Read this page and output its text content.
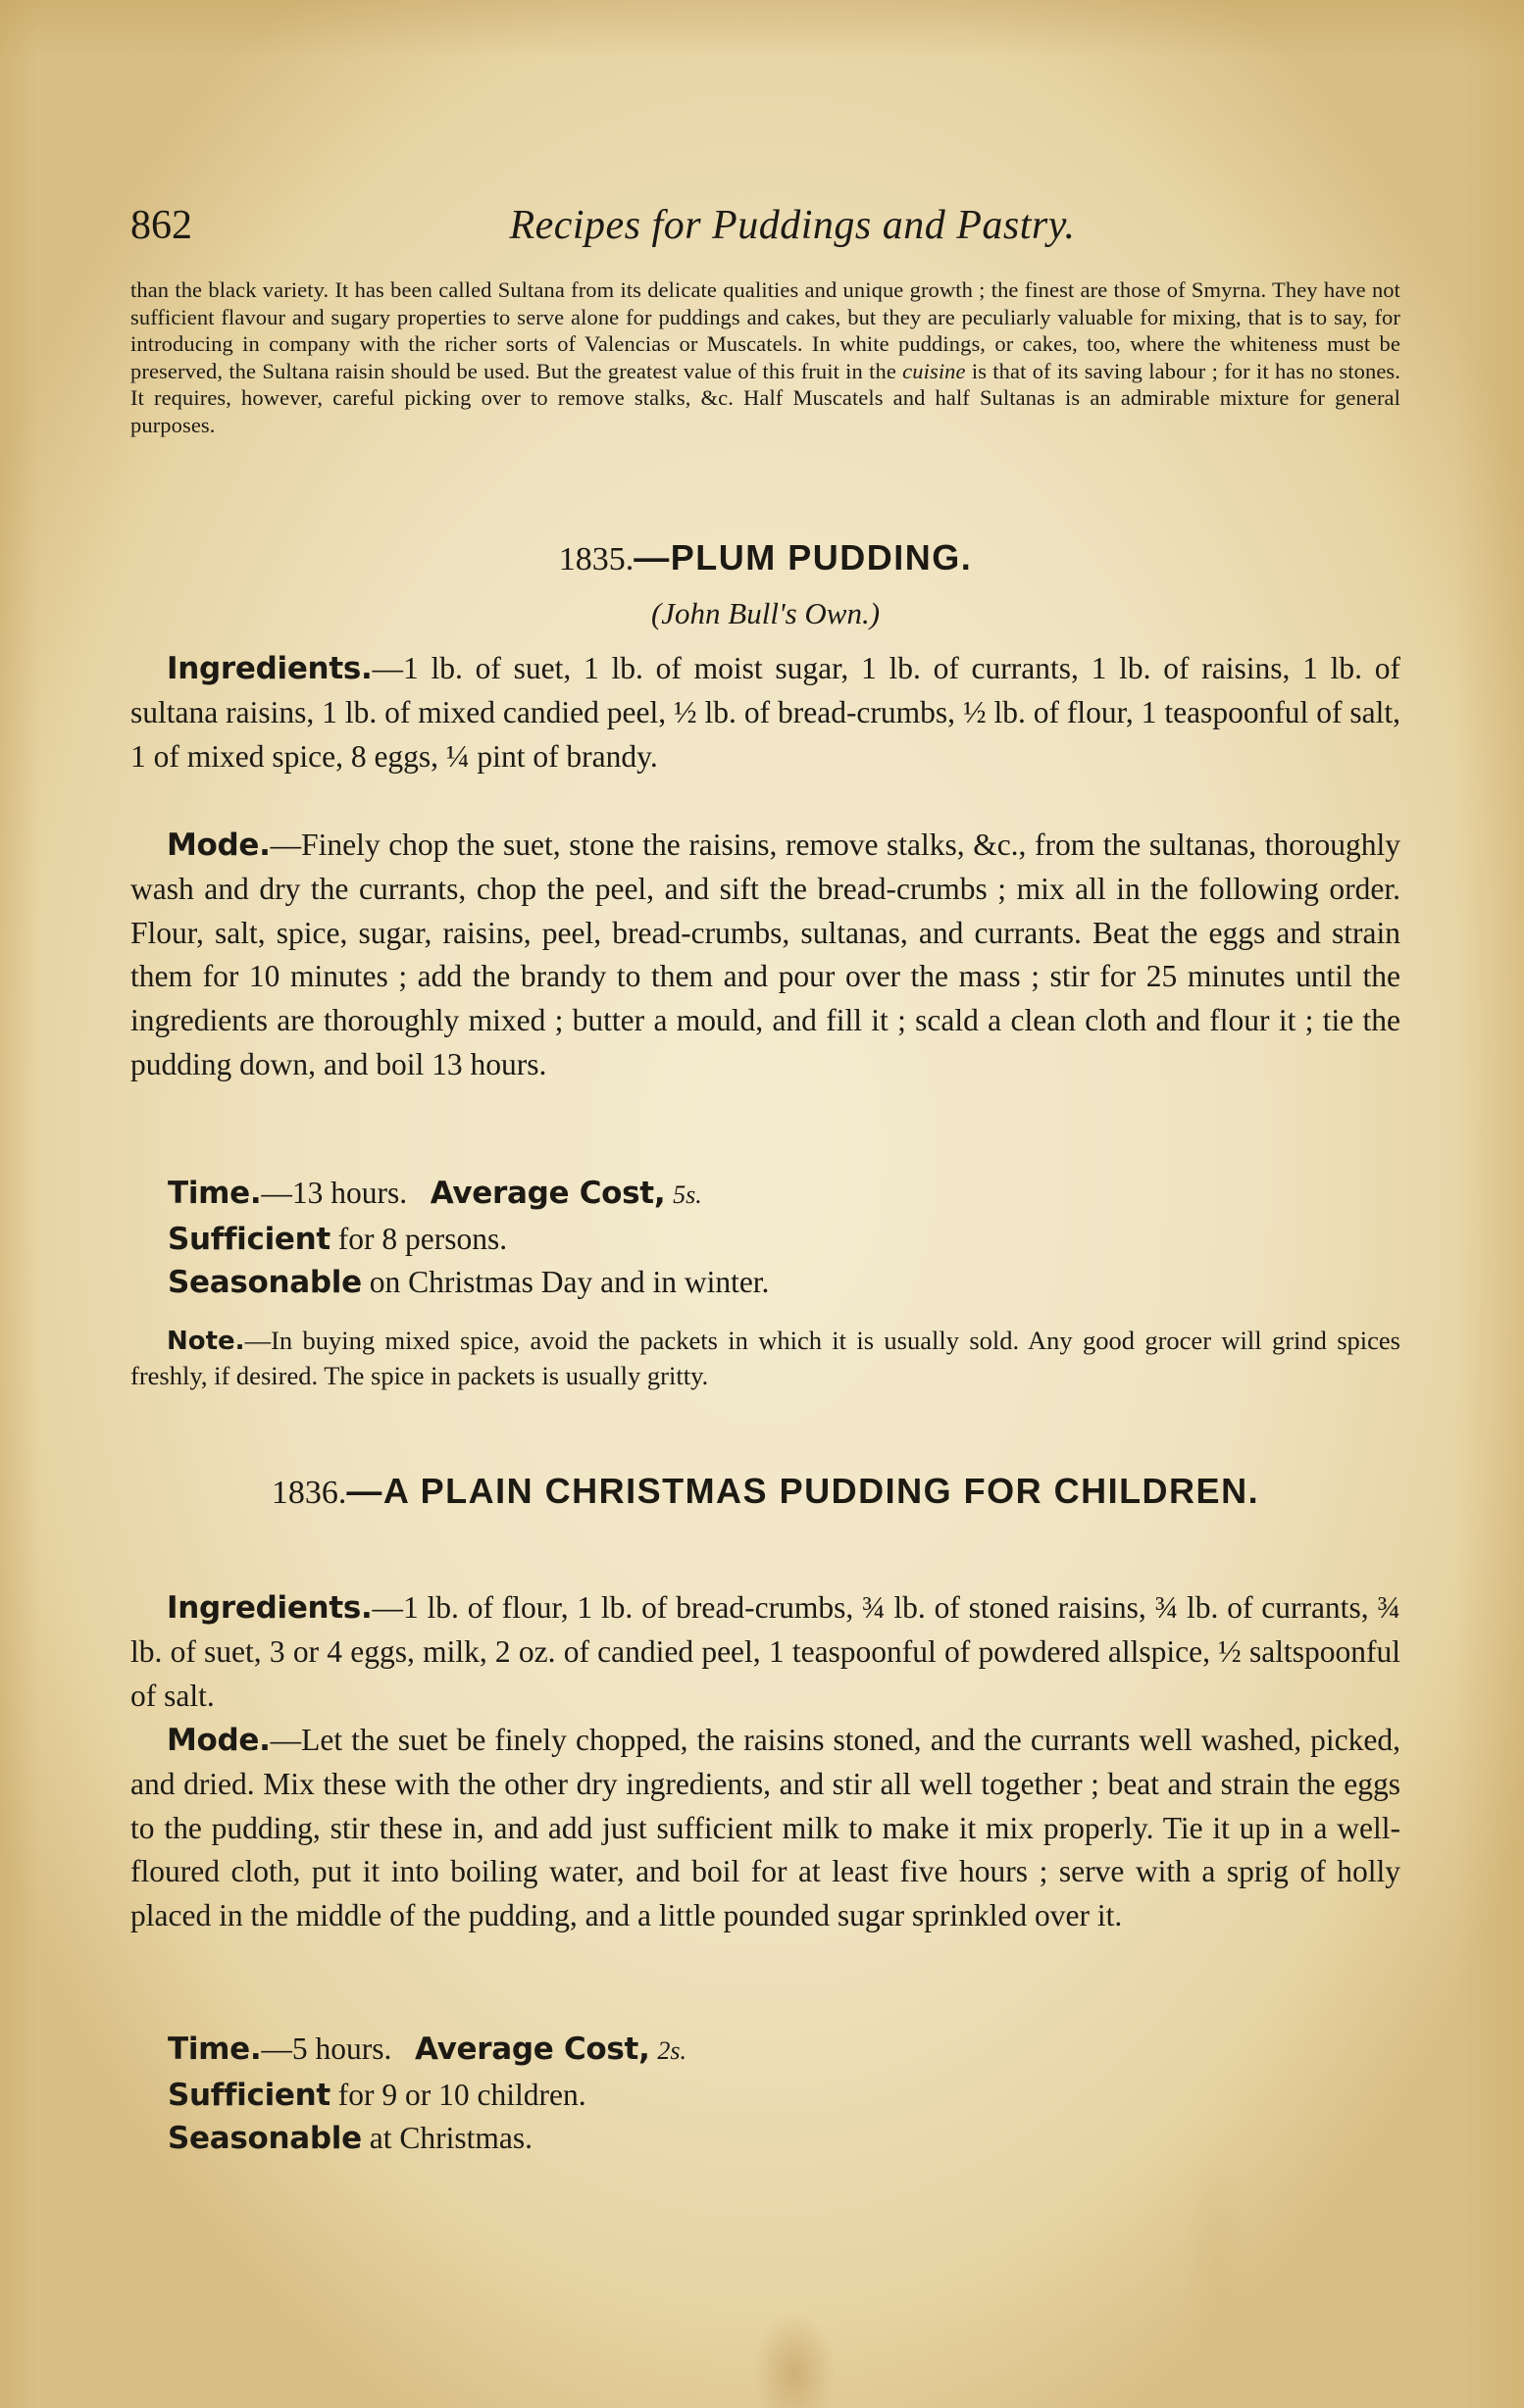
862	Recipes for Puddings and Pastry.
than the black variety. It has been called Sultana from its delicate qualities and unique growth ; the finest are those of Smyrna. They have not sufficient flavour and sugary properties to serve alone for puddings and cakes, but they are peculiarly valuable for mixing, that is to say, for introducing in company with the richer sorts of Valencias or Muscatels. In white puddings, or cakes, too, where the whiteness must be preserved, the Sultana raisin should be used. But the greatest value of this fruit in the cuisine is that of its saving labour ; for it has no stones. It requires, however, careful picking over to remove stalks, &c. Half Muscatels and half Sultanas is an admirable mixture for general purposes.
1835.—PLUM PUDDING.
(John Bull's Own.)
Ingredients.—1 lb. of suet, 1 lb. of moist sugar, 1 lb. of currants, 1 lb. of raisins, 1 lb. of sultana raisins, 1 lb. of mixed candied peel, ½ lb. of bread-crumbs, ½ lb. of flour, 1 teaspoonful of salt, 1 of mixed spice, 8 eggs, ¼ pint of brandy.
Mode.—Finely chop the suet, stone the raisins, remove stalks, &c., from the sultanas, thoroughly wash and dry the currants, chop the peel, and sift the bread-crumbs ; mix all in the following order. Flour, salt, spice, sugar, raisins, peel, bread-crumbs, sultanas, and currants. Beat the eggs and strain them for 10 minutes ; add the brandy to them and pour over the mass ; stir for 25 minutes until the ingredients are thoroughly mixed ; butter a mould, and fill it ; scald a clean cloth and flour it ; tie the pudding down, and boil 13 hours.
Time.—13 hours. Average Cost, 5s.
Sufficient for 8 persons.
Seasonable on Christmas Day and in winter.
Note.—In buying mixed spice, avoid the packets in which it is usually sold. Any good grocer will grind spices freshly, if desired. The spice in packets is usually gritty.
1836.—A PLAIN CHRISTMAS PUDDING FOR CHILDREN.
Ingredients.—1 lb. of flour, 1 lb. of bread-crumbs, ¾ lb. of stoned raisins, ¾ lb. of currants, ¾ lb. of suet, 3 or 4 eggs, milk, 2 oz. of candied peel, 1 teaspoonful of powdered allspice, ½ saltspoonful of salt.
Mode.—Let the suet be finely chopped, the raisins stoned, and the currants well washed, picked, and dried. Mix these with the other dry ingredients, and stir all well together ; beat and strain the eggs to the pudding, stir these in, and add just sufficient milk to make it mix properly. Tie it up in a well-floured cloth, put it into boiling water, and boil for at least five hours ; serve with a sprig of holly placed in the middle of the pudding, and a little pounded sugar sprinkled over it.
Time.—5 hours. Average Cost, 2s.
Sufficient for 9 or 10 children.
Seasonable at Christmas.
